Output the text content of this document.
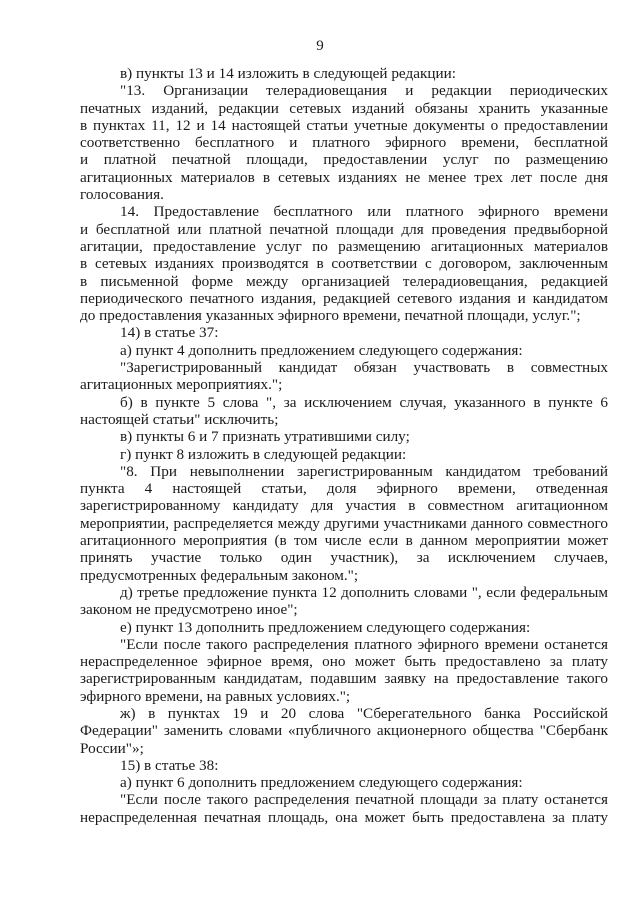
9

в) пункты 13 и 14 изложить в следующей редакции:

"13. Организации телерадиовещания и редакции периодических

печатных изданий, редакции сетевых изданий обязаны хранить указанные

в пунктах 11, 12 и 14 настоящей статьи учетные документы о предоставлении

соответственно бесплатного и платного эфирного времени, бесплатной

и платной печатной площади, предоставлении услуг по размещению

агитационных материалов в сетевых изданиях не менее трех лет после дня

голосования.

14. Предоставление бесплатного или платного эфирного времени

и бесплатной или платной печатной площади для проведения предвыборной

агитации, предоставление услуг по размещению агитационных материалов

в сетевых изданиях производятся в соответствии с договором, заключенным

в письменной форме между организацией телерадиовещания, редакцией

периодического печатного издания, редакцией сетевого издания и кандидатом

до предоставления указанных эфирного времени, печатной площади, услуг.";

14) в статье 37:

а) пункт 4 дополнить предложением следующего содержания:

"Зарегистрированный кандидат обязан участвовать в совместных

агитационных мероприятиях.";

б) в пункте 5 слова ", за исключением случая, указанного в пункте 6

настоящей статьи" исключить;

в) пункты 6 и 7 признать утратившими силу;

г) пункт 8 изложить в следующей редакции:

"8. При невыполнении зарегистрированным кандидатом требований

пункта 4 настоящей статьи, доля эфирного времени, отведенная

зарегистрированному кандидату для участия в совместном агитационном

мероприятии, распределяется между другими участниками данного совместного

агитационного мероприятия (в том числе если в данном мероприятии может

принять участие только один участник), за исключением случаев,

предусмотренных федеральным законом.";

д) третье предложение пункта 12 дополнить словами ", если федеральным

законом не предусмотрено иное";

е) пункт 13 дополнить предложением следующего содержания:

"Если после такого распределения платного эфирного времени останется

нераспределенное эфирное время, оно может быть предоставлено за плату

зарегистрированным кандидатам, подавшим заявку на предоставление такого

эфирного времени, на равных условиях.";

ж) в пунктах 19 и 20 слова "Сберегательного банка Российской

Федерации" заменить словами «публичного акционерного общества "Сбербанк

России"»;

15) в статье 38:

а) пункт 6 дополнить предложением следующего содержания:

"Если после такого распределения печатной площади за плату останется

нераспределенная печатная площадь, она может быть предоставлена за плату
